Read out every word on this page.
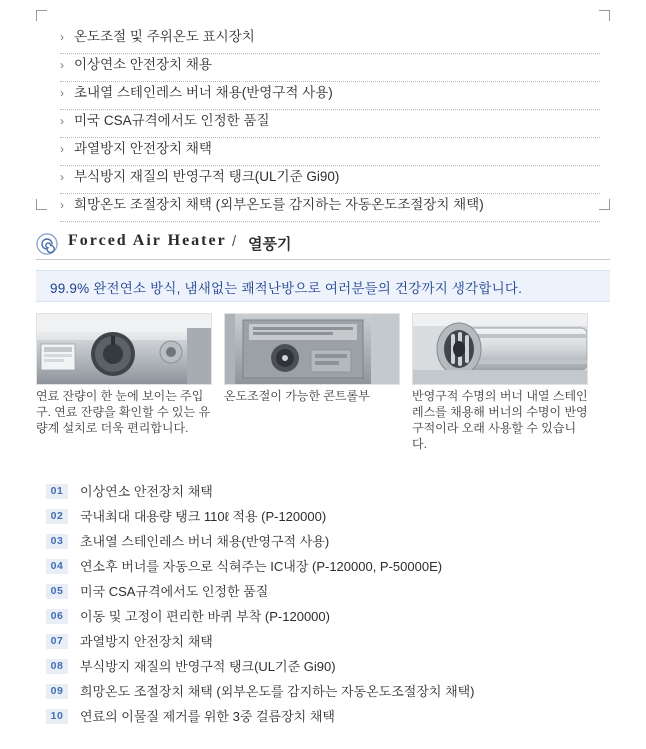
› 온도조절 및 주위온도 표시장치
› 이상연소 안전장치 채용
› 초내열 스테인레스 버너 채용(반영구적 사용)
› 미국 CSA규격에서도 인정한 품질
› 과열방지 안전장치 채택
› 부식방지 재질의 반영구적 탱크(UL기준 Gi90)
› 희망온도 조절장치 채택 (외부온도를 감지하는 자동온도조절장치 채택)
Forced Air Heater / 열풍기
99.9% 완전연소 방식, 냄새없는 쾌적난방으로 여러분들의 건강까지 생각합니다.
연료 잔량이 한 눈에 보이는 주입구. 연료 잔량을 확인할 수 있는 유량계 설치로 더욱 편리합니다.
온도조절이 가능한 콘트롤부	반영구적 수명의 버너 내열 스테인레스를 채용해 버너의 수명이 반영구적이라 오래 사용할 수 있습니다.
01	이상연소 안전장치 채택
02	국내최대 대용량 탱크 110ℓ 적용 (P-120000)
03	초내열 스테인레스 버너 채용(반영구적 사용)
04	연소후 버너를 자동으로 식혀주는 IC내장 (P-120000, P-50000E)
05	미국 CSA규격에서도 인정한 품질
06	이동 및 고정이 편리한 바퀴 부착 (P-120000)
07	과열방지 안전장치 채택
08	부식방지 재질의 반영구적 탱크(UL기준 Gi90)
09	희망온도 조절장치 채택 (외부온도를 감지하는 자동온도조절장치 채택)
10	연료의 이물질 제거를 위한 3중 걸름장치 채택
